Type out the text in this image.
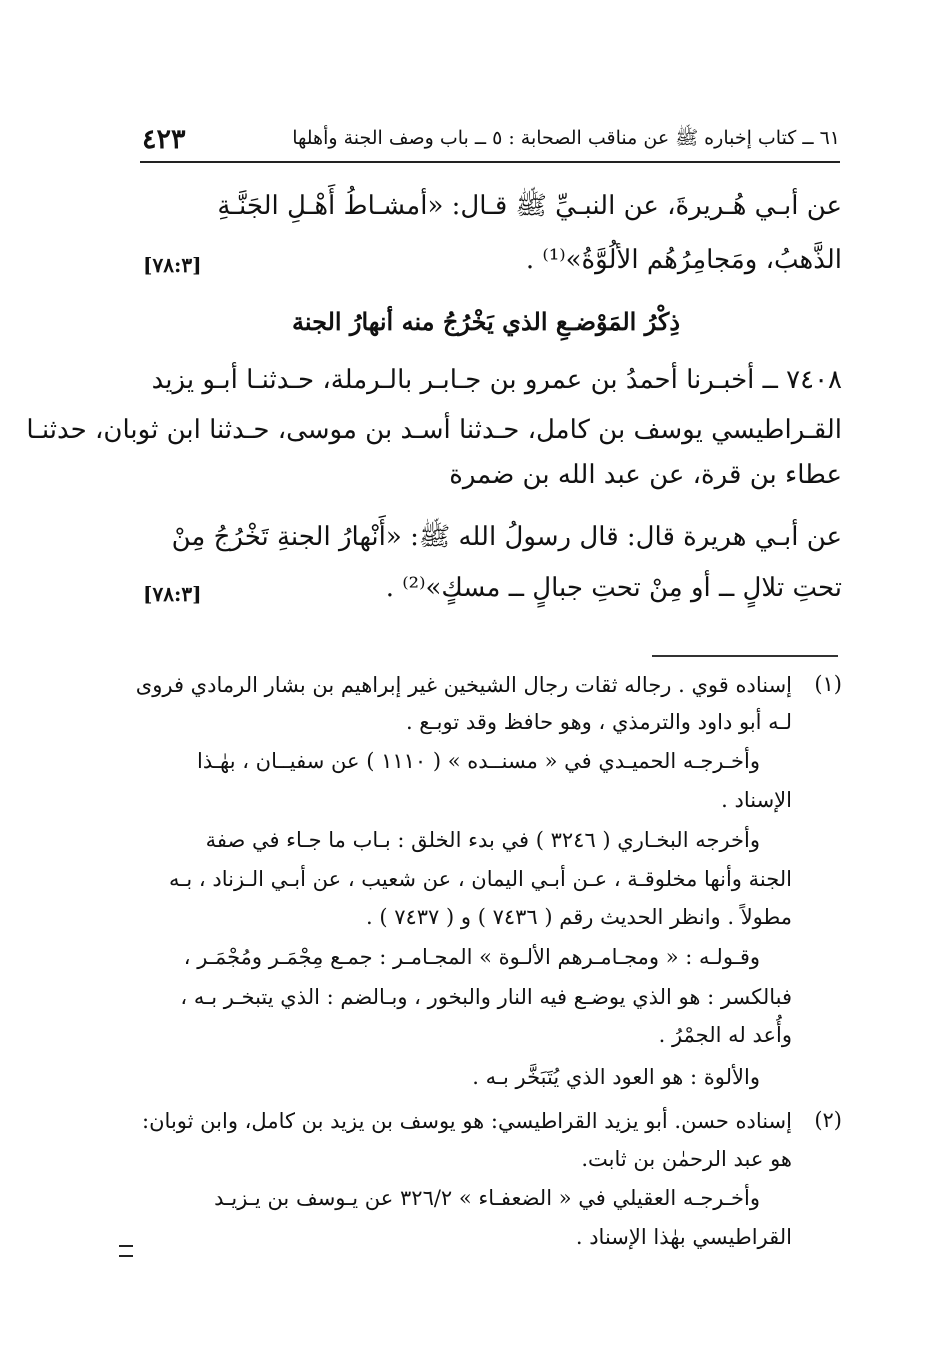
٦١ ــ كتاب إخباره ﷺ عن مناقب الصحابة : ٥ ــ باب وصف الجنة وأهلها
٤٢٣
عن أبـي هُـريرةَ، عن النبـيِّ ﷺ قـال: «أمشـاطُ أَهْـلِ الجَنَّـةِ
الذَّهبُ، ومَجامِرُهُم الألُوَّةُ»⁽¹⁾ .
[٧٨:٣]
ذِكْرُ المَوْضـعِ الذي يَخْرُجُ منه أنهارُ الجنة
٧٤٠٨ ــ أخبـرنا أحمدُ بن عمرو بن جـابـر بالـرملة، حـدثنـا أبـو يزيد
القـراطيسي يوسف بن كامل، حـدثنا أسـد بن موسى، حـدثنا ابن ثوبان، حدثنـا
عطاء بن قرة، عن عبد الله بن ضمرة
عن أبـي هريرة قال: قال رسولُ الله ﷺ: «أَنْهارُ الجنةِ تَخْرُجُ مِنْ
تحتِ تلالٍ ــ أو مِنْ تحتِ جبالٍ ــ مسكٍ»⁽²⁾ .
[٧٨:٣]
(١)
إسناده قوي . رجاله ثقات رجال الشيخين غير إبراهيم بن بشار الرمادي فروى
لـه أبو داود والترمذي ، وهو حافظ وقد توبـع .
وأخـرجـه الحميـدي في « مسنــده » ( ١١١٠ ) عن سفيــان ، بهٰـذا
الإسناد .
وأخرجه البخـاري ( ٣٢٤٦ ) في بدء الخلق : بـاب ما جـاء في صفة
الجنة وأنها مخلوقـة ، عـن أبـي اليمان ، عن شعيب ، عن أبـي الـزناد ، بـه
مطولاً . وانظر الحديث رقم ( ٧٤٣٦ ) و ( ٧٤٣٧ ) .
وقـولـه : « ومجـامـرهم الألـوة » المجـامـر : جمـع مِجْمَـر ومُجْمَـر ،
فبالكسر : هو الذي يوضـع فيه النار والبخور ، وبـالضم : الذي يتبخـر بـه ،
وأُعد له الجمْرُ .
والألوة : هو العود الذي يُتَبَخَّر بـه .
(٢)
إسناده حسن. أبو يزيد القراطيسي: هو يوسف بن يزيد بن كامل، وابن ثوبان:
هو عبد الرحمٰن بن ثابت.
وأخـرجـه العقيلي في « الضعفـاء » ٣٢٦/٢ عن يـوسف بن يـزيـد
القراطيسي بهٰذا الإسناد .
